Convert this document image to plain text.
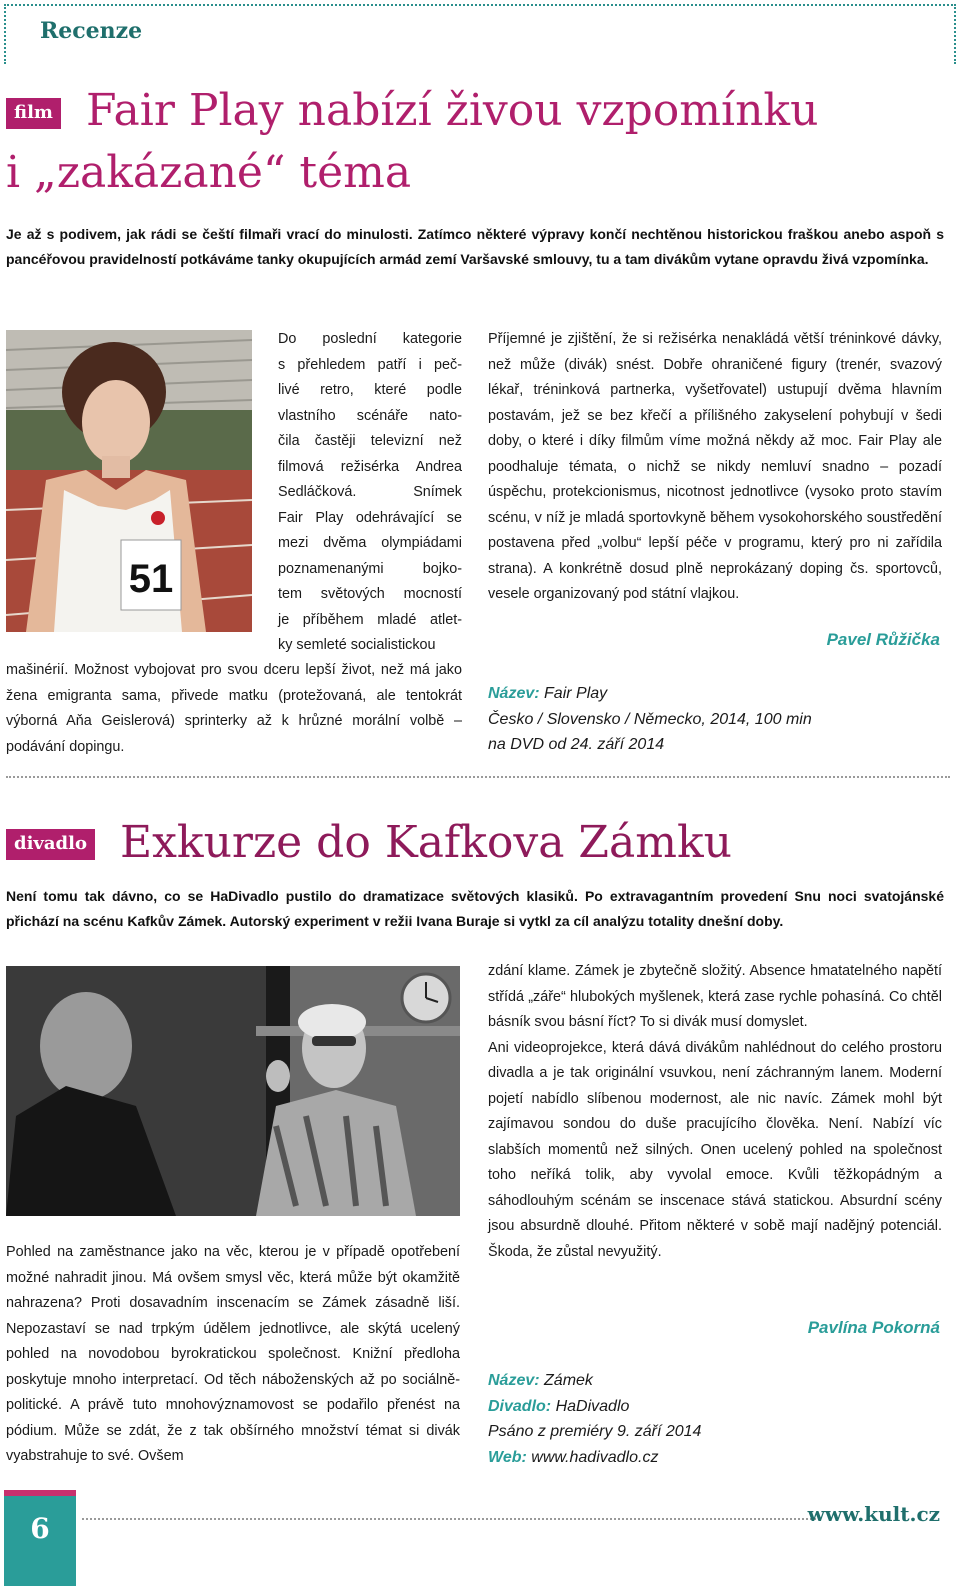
Recenze
film Fair Play nabízí živou vzpomínku
i „zakázané“ téma
Je až s podivem, jak rádi se čeští filmaři vrací do minulosti. Zatímco některé výpravy končí nechtěnou historickou fraškou anebo aspoň s pancéřovou pravidelností potkáváme tanky okupujících armád zemí Varšavské smlouvy, tu a tam divákům vytane opravdu živá vzpomínka.
51
Do poslední kategorie
s přehledem patří i peč-
livé retro, které podle
vlastního scénáře nato-
čila častěji televizní než
filmová režisérka Andrea
Sedláčková. Snímek
Fair Play odehrávající se
mezi dvěma olympiádami
poznamenanými bojko-
tem světových mocností
je příběhem mladé atlet-
ky semleté socialistickou
mašinérií. Možnost vybojovat pro svou dceru lepší život, než má jako žena emigranta sama, přivede matku (protežovaná, ale tentokrát výborná Aňa Geislerová) sprinterky až k hrůzné morální volbě – podávání dopingu.
Příjemné je zjištění, že si režisérka nenakládá větší tréninkové dávky, než může (divák) snést. Dobře ohraničené figury (trenér, svazový lékař, tréninková partnerka, vyšetřovatel) ustupují dvěma hlavním postavám, jež se bez křečí a přílišného zakyselení pohybují v šedi doby, o které i díky filmům víme možná někdy až moc. Fair Play ale poodhaluje témata, o nichž se nikdy nemluví snadno – pozadí úspěchu, protekcionismus, nicotnost jednotlivce (vysoko proto stavím scénu, v níž je mladá sportovkyně během vysokohorského soustředění postavena před „volbu“ lepší péče v programu, který pro ni zařídila strana). A konkrétně dosud plně neprokázaný doping čs. sportovců, vesele organizovaný pod státní vlajkou.
Pavel Růžička
Název: Fair Play
Česko / Slovensko / Německo, 2014, 100 min
na DVD od 24. září 2014
divadlo Exkurze do Kafkova Zámku
Není tomu tak dávno, co se HaDivadlo pustilo do dramatizace světových klasiků. Po extravagantním provedení Snu noci svatojánské přichází na scénu Kafkův Zámek. Autorský experiment v režii Ivana Buraje si vytkl za cíl analýzu totality dnešní doby.
Pohled na zaměstnance jako na věc, kterou je v případě opotřebení možné nahradit jinou. Má ovšem smysl věc, která může být okamžitě nahrazena? Proti dosavadním inscenacím se Zámek zásadně liší. Nepozastaví se nad trpkým údělem jednotlivce, ale skýtá ucelený pohled na novodobou byrokratickou společnost. Knižní předloha poskytuje mnoho interpretací. Od těch náboženských až po sociálně-politické. A právě tuto mnohovýznamovost se podařilo přenést na pódium. Může se zdát, že z tak obšírného množství témat si divák vyabstrahuje to své. Ovšem

zdání klame. Zámek je zbytečně složitý. Absence hmatatelného napětí střídá „záře“ hlubokých myšlenek, která zase rychle pohasíná. Co chtěl básník svou básní říct? To si divák musí domyslet.

Ani videoprojekce, která dává divákům nahlédnout do celého prostoru divadla a je tak originální vsuvkou, není záchranným lanem. Moderní pojetí nabídlo slíbenou modernost, ale nic navíc. Zámek mohl být zajímavou sondou do duše pracujícího člověka. Není. Nabízí víc slabších momentů než silných. Onen ucelený pohled na společnost toho neříká tolik, aby vyvolal emoce. Kvůli těžkopádným a sáhodlouhým scénám se inscenace stává statickou. Absurdní scény jsou absurdně dlouhé. Přitom některé v sobě mají nadějný potenciál. Škoda, že zůstal nevyužitý.

Pavlína Pokorná
Název: Zámek
Divadlo: HaDivadlo
Psáno z premiéry 9. září 2014
Web: www.hadivadlo.cz
6	www.kult.cz
